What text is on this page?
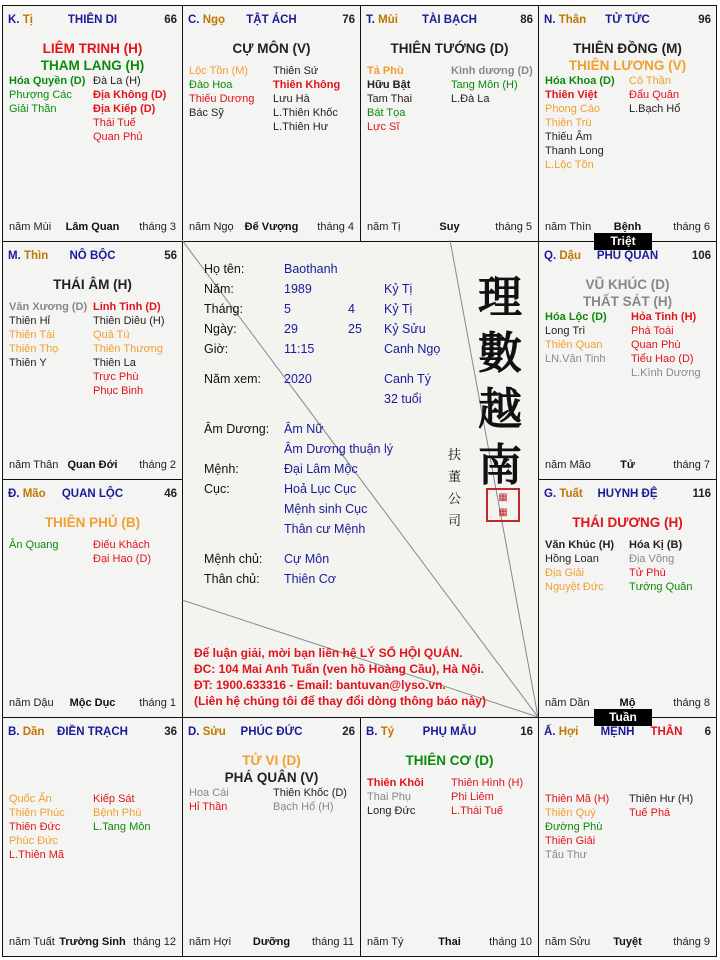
K. Tị	THIÊN DI	66
LIÊM TRINH (H)
THAM LANG (H)
Hóa Quyền (D)
Phượng Các
Giải Thần
Đà La (H)
Địa Không (D)
Địa Kiếp (D)
Thái Tuế
Quan Phủ
năm Mùi	Lâm Quan	tháng 3
C. Ngọ	TẬT ÁCH	76
CỰ MÔN (V)
Lộc Tồn (M)
Đào Hoa
Thiếu Dương
Bác Sỹ
Thiên Sứ
Thiên Không
Lưu Hà
L.Thiên Khốc
L.Thiên Hư
năm Ngọ	Đế Vượng	tháng 4
T. Mùi	TÀI BẠCH	86
THIÊN TƯỚNG (D)
Tả Phù
Hữu Bật
Tam Thai
Bát Tọa
Lực Sĩ
Kình dương (D)
Tang Môn (H)
L.Đà La
năm Tị	Suy	tháng 5
N. Thân	TỬ TỨC	96
THIÊN ĐỒNG (M)
THIÊN LƯƠNG (V)
Hóa Khoa (D)
Thiên Việt
Phong Cáo
Thiên Trù
Thiếu Âm
Thanh Long
L.Lộc Tồn
Cô Thần
Đẩu Quân
L.Bạch Hổ
năm Thìn	Bệnh	tháng 6
M. Thìn	NÔ BỘC	56
THÁI ÂM (H)
Văn Xương (D)
Thiên Hỉ
Thiên Tài
Thiên Thọ
Thiên Y
Linh Tinh (D)
Thiên Diêu (H)
Quả Tú
Thiên Thương
Thiên La
Trực Phù
Phục Binh
năm Thân Quan Đới	tháng 2
Q. Dậu	PHU QUÂN	106
VŨ KHÚC (D)
THẤT SÁT (H)
Hóa Lộc (D)
Long Trì
Thiên Quan
LN.Văn Tinh
Hỏa Tinh (H)
Phá Toái
Quan Phù
Tiểu Hao (D)
L.Kình Dương
năm Mão	Tử	tháng 7
Đ. Mão	QUAN LỘC	46
THIÊN PHỦ (B)
Ân Quang	Điếu Khách
Đại Hao (D)
năm Dậu	Mộc Dục	tháng 1
G. Tuất	HUYNH ĐỆ	116
THÁI DƯƠNG (H)
Văn Khúc (H)
Hồng Loan
Địa Giải
Nguyệt Đức
Hóa Kị (B)
Địa Võng
Tử Phù
Tướng Quân
năm Dần	Mộ	tháng 8
B. Dần	ĐIỀN TRẠCH	36
Quốc Ấn
Thiên Phúc
Thiên Đức
Phúc Đức
L.Thiên Mã
Kiếp Sát
Bệnh Phù
L.Tang Môn
năm Tuất Trường Sinh tháng 12
D. Sửu	PHÚC ĐỨC	26
TỬ VI (D)
PHÁ QUÂN (V)
Hoa Cái
Hỉ Thần
Thiên Khốc (D)
Bạch Hổ (H)
năm Hợi	Dưỡng	tháng 11
B. Tý	PHỤ MẪU	16
THIÊN CƠ (D)
Thiên Khôi
Thai Phụ
Long Đức
Thiên Hình (H)
Phi Liêm
L.Thái Tuế
năm Tý	Thai	tháng 10
Ấ. Hợi	MỆNH     THÂN	6
Thiên Mã (H)
Thiên Quý
Đường Phù
Thiên Giải
Tấu Thư
Thiên Hư (H)
Tuế Phá
năm Sửu	Tuyệt	tháng 9
Họ tên:	Baothanh
Năm:	1989	Kỷ Tị
Tháng:	5	4 Kỷ Tị
Ngày:	29	25 Kỷ Sửu
Giờ:	11:15	Canh Ngọ
Năm xem: 2020	Canh Tý
32 tuổi
Âm Dương: Âm Nữ
Âm Dương thuận lý
Mệnh:	Đại Lâm Mộc
Cục:	Hoả Lục Cục
Mệnh sinh Cục
Thân cư Mệnh
Mệnh chủ: Cự Môn
Thân chủ: Thiên Cơ
理數越南
扶董公司
▦
▦
Để luận giải, mời bạn liên hệ LÝ SỐ HỘI QUÁN.
ĐC: 104 Mai Anh Tuấn (ven hồ Hoàng Cầu), Hà Nội.
ĐT: 1900.633316 - Email: bantuvan@lyso.vn.
(Liên hệ chúng tôi để thay đổi dòng thông báo này)
Triệt
Tuần
